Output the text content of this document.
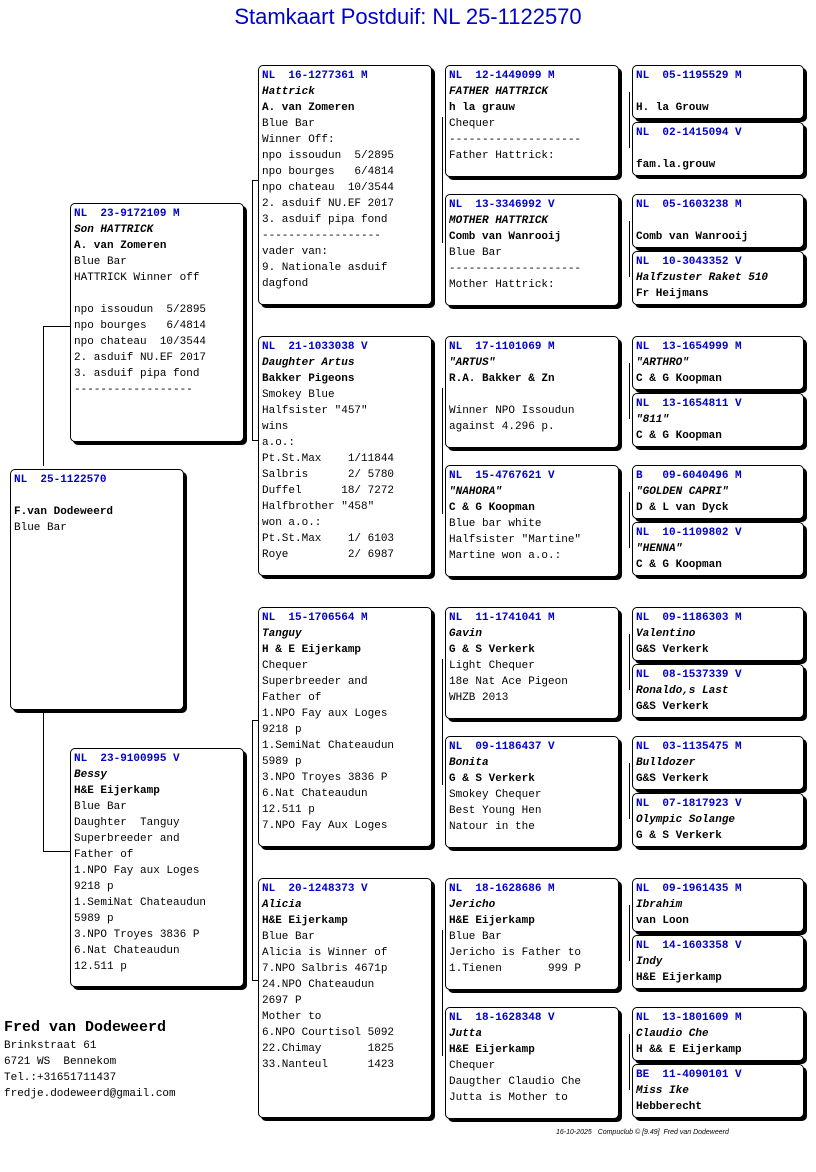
Stamkaart Postduif: NL 25-1122570
NL  25-1122570
F.van Dodeweerd
Blue Bar
NL  23-9172109 M
Son HATTRICK
A. van Zomeren
Blue Bar
HATTRICK Winner off
npo issoudun  5/2895
npo bourges   6/4814
npo chateau  10/3544
2. asduif NU.EF 2017
3. asduif pipa fond
------------------
NL  23-9100995 V
Bessy
H&E Eijerkamp
Blue Bar
Daughter  Tanguy
Superbreeder and
Father of
1.NPO Fay aux Loges
9218 p
1.SemiNat Chateaudun
5989 p
3.NPO Troyes 3836 P
6.Nat Chateaudun
12.511 p
NL  16-1277361 M
Hattrick
A. van Zomeren
Blue Bar
Winner Off:
npo issoudun  5/2895
npo bourges   6/4814
npo chateau  10/3544
2. asduif NU.EF 2017
3. asduif pipa fond
------------------
vader van:
9. Nationale asduif
dagfond
NL  21-1033038 V
Daughter Artus
Bakker Pigeons
Smokey Blue
Halfsister "457"
wins
a.o.:
Pt.St.Max    1/11844
Salbris      2/ 5780
Duffel      18/ 7272
Halfbrother "458"
won a.o.:
Pt.St.Max    1/ 6103
Roye         2/ 6987
NL  15-1706564 M
Tanguy
H & E Eijerkamp
Chequer
Superbreeder and
Father of
1.NPO Fay aux Loges
9218 p
1.SemiNat Chateaudun
5989 p
3.NPO Troyes 3836 P
6.Nat Chateaudun
12.511 p
7.NPO Fay Aux Loges
NL  20-1248373 V
Alicia
H&E Eijerkamp
Blue Bar
Alicia is Winner of
7.NPO Salbris 4671p
24.NPO Chateaudun
2697 P
Mother to
6.NPO Courtisol 5092
22.Chimay       1825
33.Nanteul      1423
NL  12-1449099 M
FATHER HATTRICK
h la grauw
Chequer
--------------------
Father Hattrick:
NL  13-3346992 V
MOTHER HATTRICK
Comb van Wanrooij
Blue Bar
--------------------
Mother Hattrick:
NL  17-1101069 M
"ARTUS"
R.A. Bakker & Zn
Winner NPO Issoudun
against 4.296 p.
NL  15-4767621 V
"NAHORA"
C & G Koopman
Blue bar white
Halfsister "Martine"
Martine won a.o.:
NL  11-1741041 M
Gavin
G & S Verkerk
Light Chequer
18e Nat Ace Pigeon
WHZB 2013
NL  09-1186437 V
Bonita
G & S Verkerk
Smokey Chequer
Best Young Hen
Natour in the
NL  18-1628686 M
Jericho
H&E Eijerkamp
Blue Bar
Jericho is Father to
1.Tienen       999 P
NL  18-1628348 V
Jutta
H&E Eijerkamp
Chequer
Daugther Claudio Che
Jutta is Mother to
NL  05-1195529 M
H. la Grouw
NL  02-1415094 V
fam.la.grouw
NL  05-1603238 M
Comb van Wanrooij
NL  10-3043352 V
Halfzuster Raket 510
Fr Heijmans
NL  13-1654999 M
"ARTHRO"
C & G Koopman
NL  13-1654811 V
"811"
C & G Koopman
B   09-6040496 M
"GOLDEN CAPRI"
D & L van Dyck
NL  10-1109802 V
"HENNA"
C & G Koopman
NL  09-1186303 M
Valentino
G&S Verkerk
NL  08-1537339 V
Ronaldo,s Last
G&S Verkerk
NL  03-1135475 M
Bulldozer
G&S Verkerk
NL  07-1817923 V
Olympic Solange
G & S Verkerk
NL  09-1961435 M
Ibrahim
van Loon
NL  14-1603358 V
Indy
H&E Eijerkamp
NL  13-1801609 M
Claudio Che
H && E Eijerkamp
BE  11-4090101 V
Miss Ike
Hebberecht
Fred van Dodeweerd
Brinkstraat 61
6721 WS  Bennekom
Tel.:+31651711437
fredje.dodeweerd@gmail.com
16-10-2025   Compuclub © [9.49]  Fred van Dodeweerd
